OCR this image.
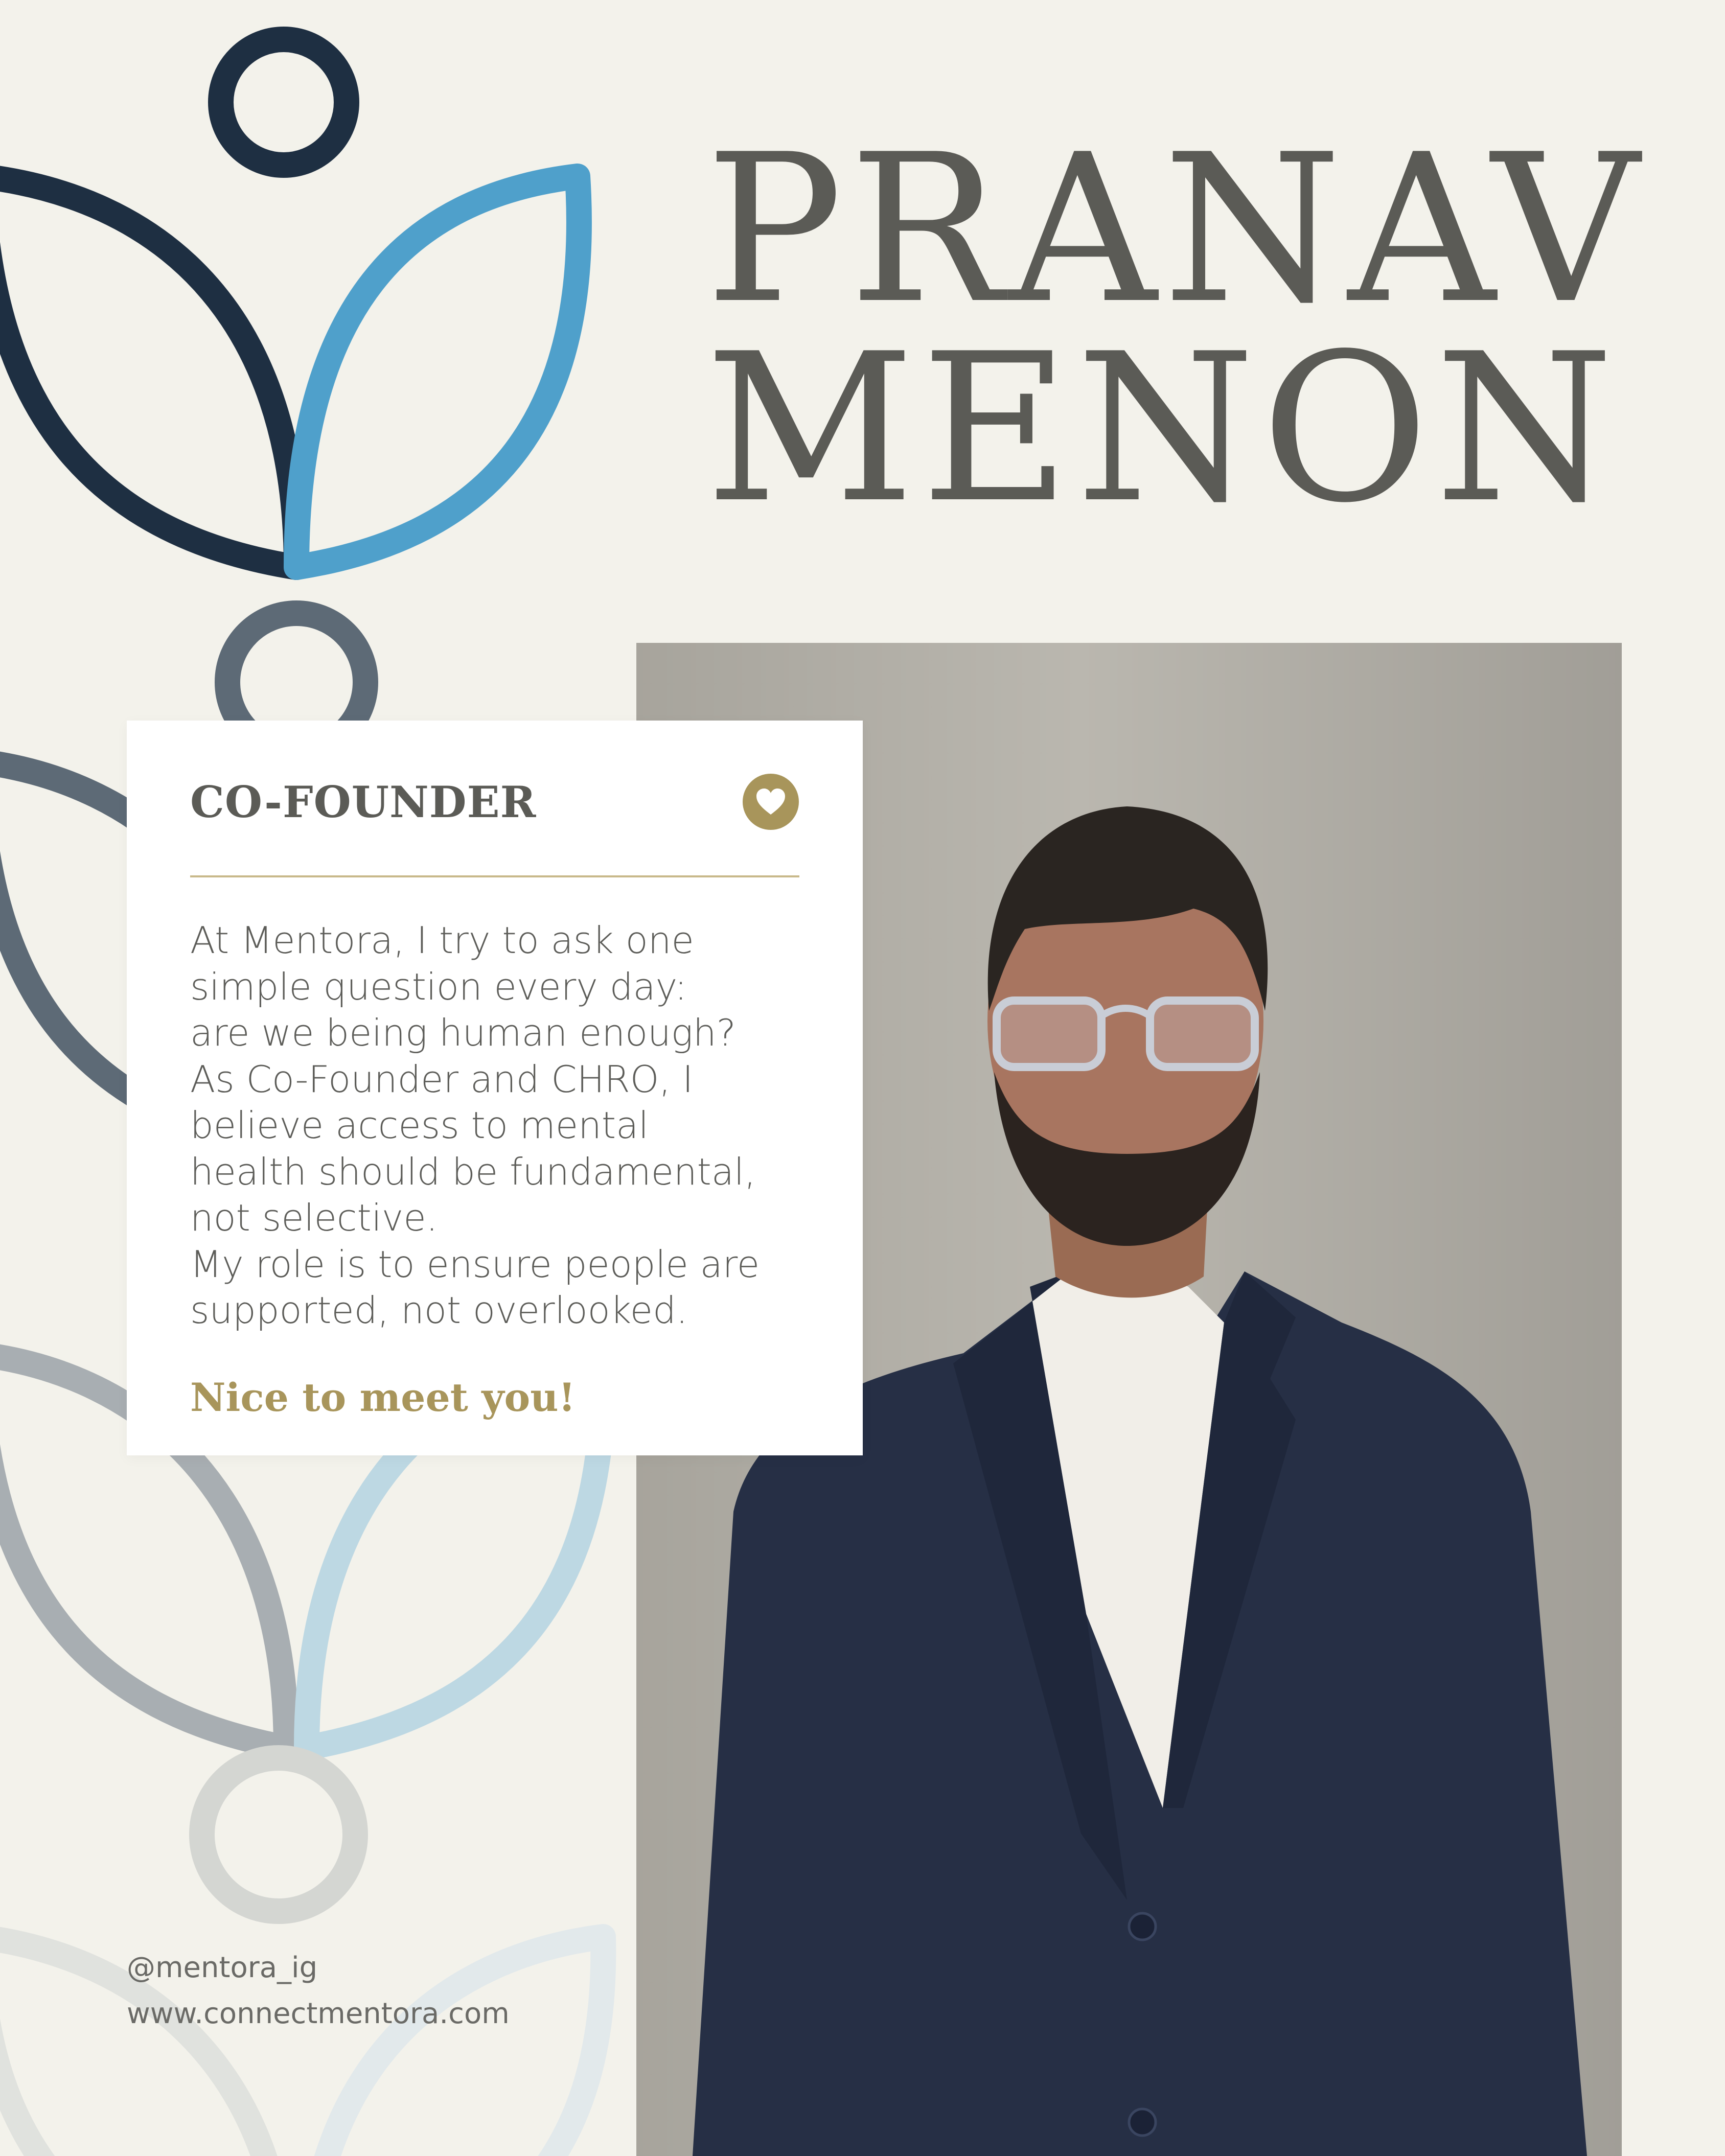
PRANAV
MENON
CO-FOUNDER
At Mentora, I try to ask one
simple question every day:
are we being human enough?
As Co-Founder and CHRO, I
believe access to mental
health should be fundamental,
not selective.
My role is to ensure people are
supported, not overlooked.
Nice to meet you!
@mentora_ig
www.connectmentora.com
